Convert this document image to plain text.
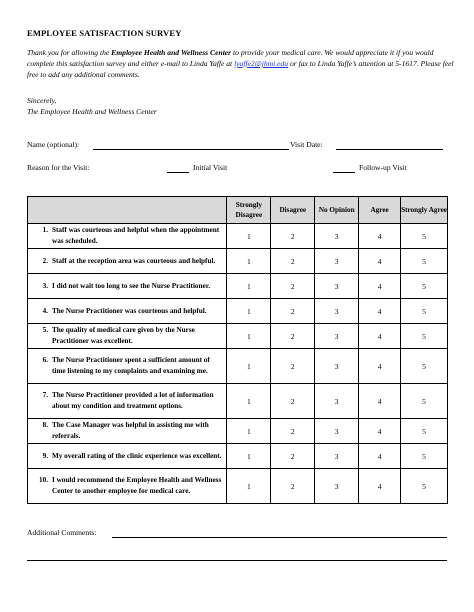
EMPLOYEE SATISFACTION SURVEY
Thank you for allowing the Employee Health and Wellness Center to provide your medical care. We would appreciate it if you would complete this satisfaction survey and either e-mail to Linda Yaffe at lyaffe2@jhmi.edu or fax to Linda Yaffe’s attention at 5-1617. Please feel free to add any additional comments.
Sincerely,
The Employee Health and Wellness Center
Name (optional):	Visit Date:
Reason for the Visit:	Initial Visit	Follow-up Visit
	Strongly Disagree	Disagree	No Opinion	Agree	Strongly Agree

1. Staff was courteous and helpful when the appointment was scheduled.	1	2	3	4	5

2. Staff at the reception area was courteous and helpful.	1	2	3	4	5

3. I did not wait too long to see the Nurse Practitioner.	1	2	3	4	5

4. The Nurse Practitioner was courteous and helpful.	1	2	3	4	5

5. The quality of medical care given by the Nurse Practitioner was excellent.	1	2	3	4	5

6. The Nurse Practitioner spent a sufficient amount of time listening to my complaints and examining me.	1	2	3	4	5

7. The Nurse Practitioner provided a lot of information about my condition and treatment options.	1	2	3	4	5

8. The Case Manager was helpful in assisting me with referrals.	1	2	3	4	5

9. My overall rating of the clinic experience was excellent.	1	2	3	4	5

10. I would recommend the Employee Health and Wellness Center to another employee for medical care.	1	2	3	4	5
Additional Comments:
